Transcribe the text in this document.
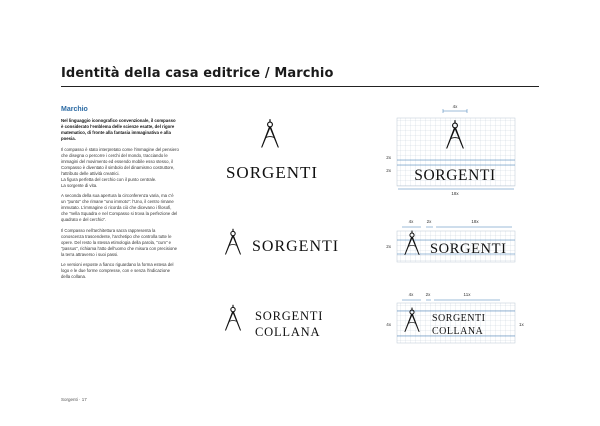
Identità della casa editrice / Marchio
Marchio

Nel linguaggio iconografico convenzionale, il compasso è considerato l'emblema delle scienze esatte, del rigore matematico, di fronte alla fantasia immaginativa e alla poesia.

Il compasso è stato interpretato come l'immagine del pensiero che disegna o percorre i cerchi del mondo, tracciando le immagini del movimento ed essendo mobile esso stesso, il Compasso è diventato il simbolo del dinamismo costruttore, l'attributo delle attività creatrici.

La figura perfetta del cerchio con il punto centrale.

La sorgente di vita.

A seconda della sua apertura la circonferenza varia, ma c'è un "punto" che rimane "uno immoto": l'Uno, il centro rimane immutato. L'immagine ci ricorda ciò che dicevano i filosofi, che "nella Squadra e nel Compasso si trova la perfezione del quadrato e del cerchio".

Il Compasso nell'architettura sacra rappresenta la conoscenza trascendente, l'archetipo che controlla tutte le opere. Del resto la stessa etimologia della parola, "cum" e "passus", richiama l'atto dell'uomo che misura con precisione la terra attraverso i suoi passi.

Le versioni esposte a fianco riguardano la forma estesa del logo e le due forme compresse, con e senza l'indicazione della collana.

Sorgenti · 17
SORGENTI	SORGENTI
4x
2x
2x
18x
SORGENTI	SORGENTI
4x	2x	18x
2x
SORGENTI
COLLANA
SORGENTI
COLLANA
4x	2x	11x
4x	1x
